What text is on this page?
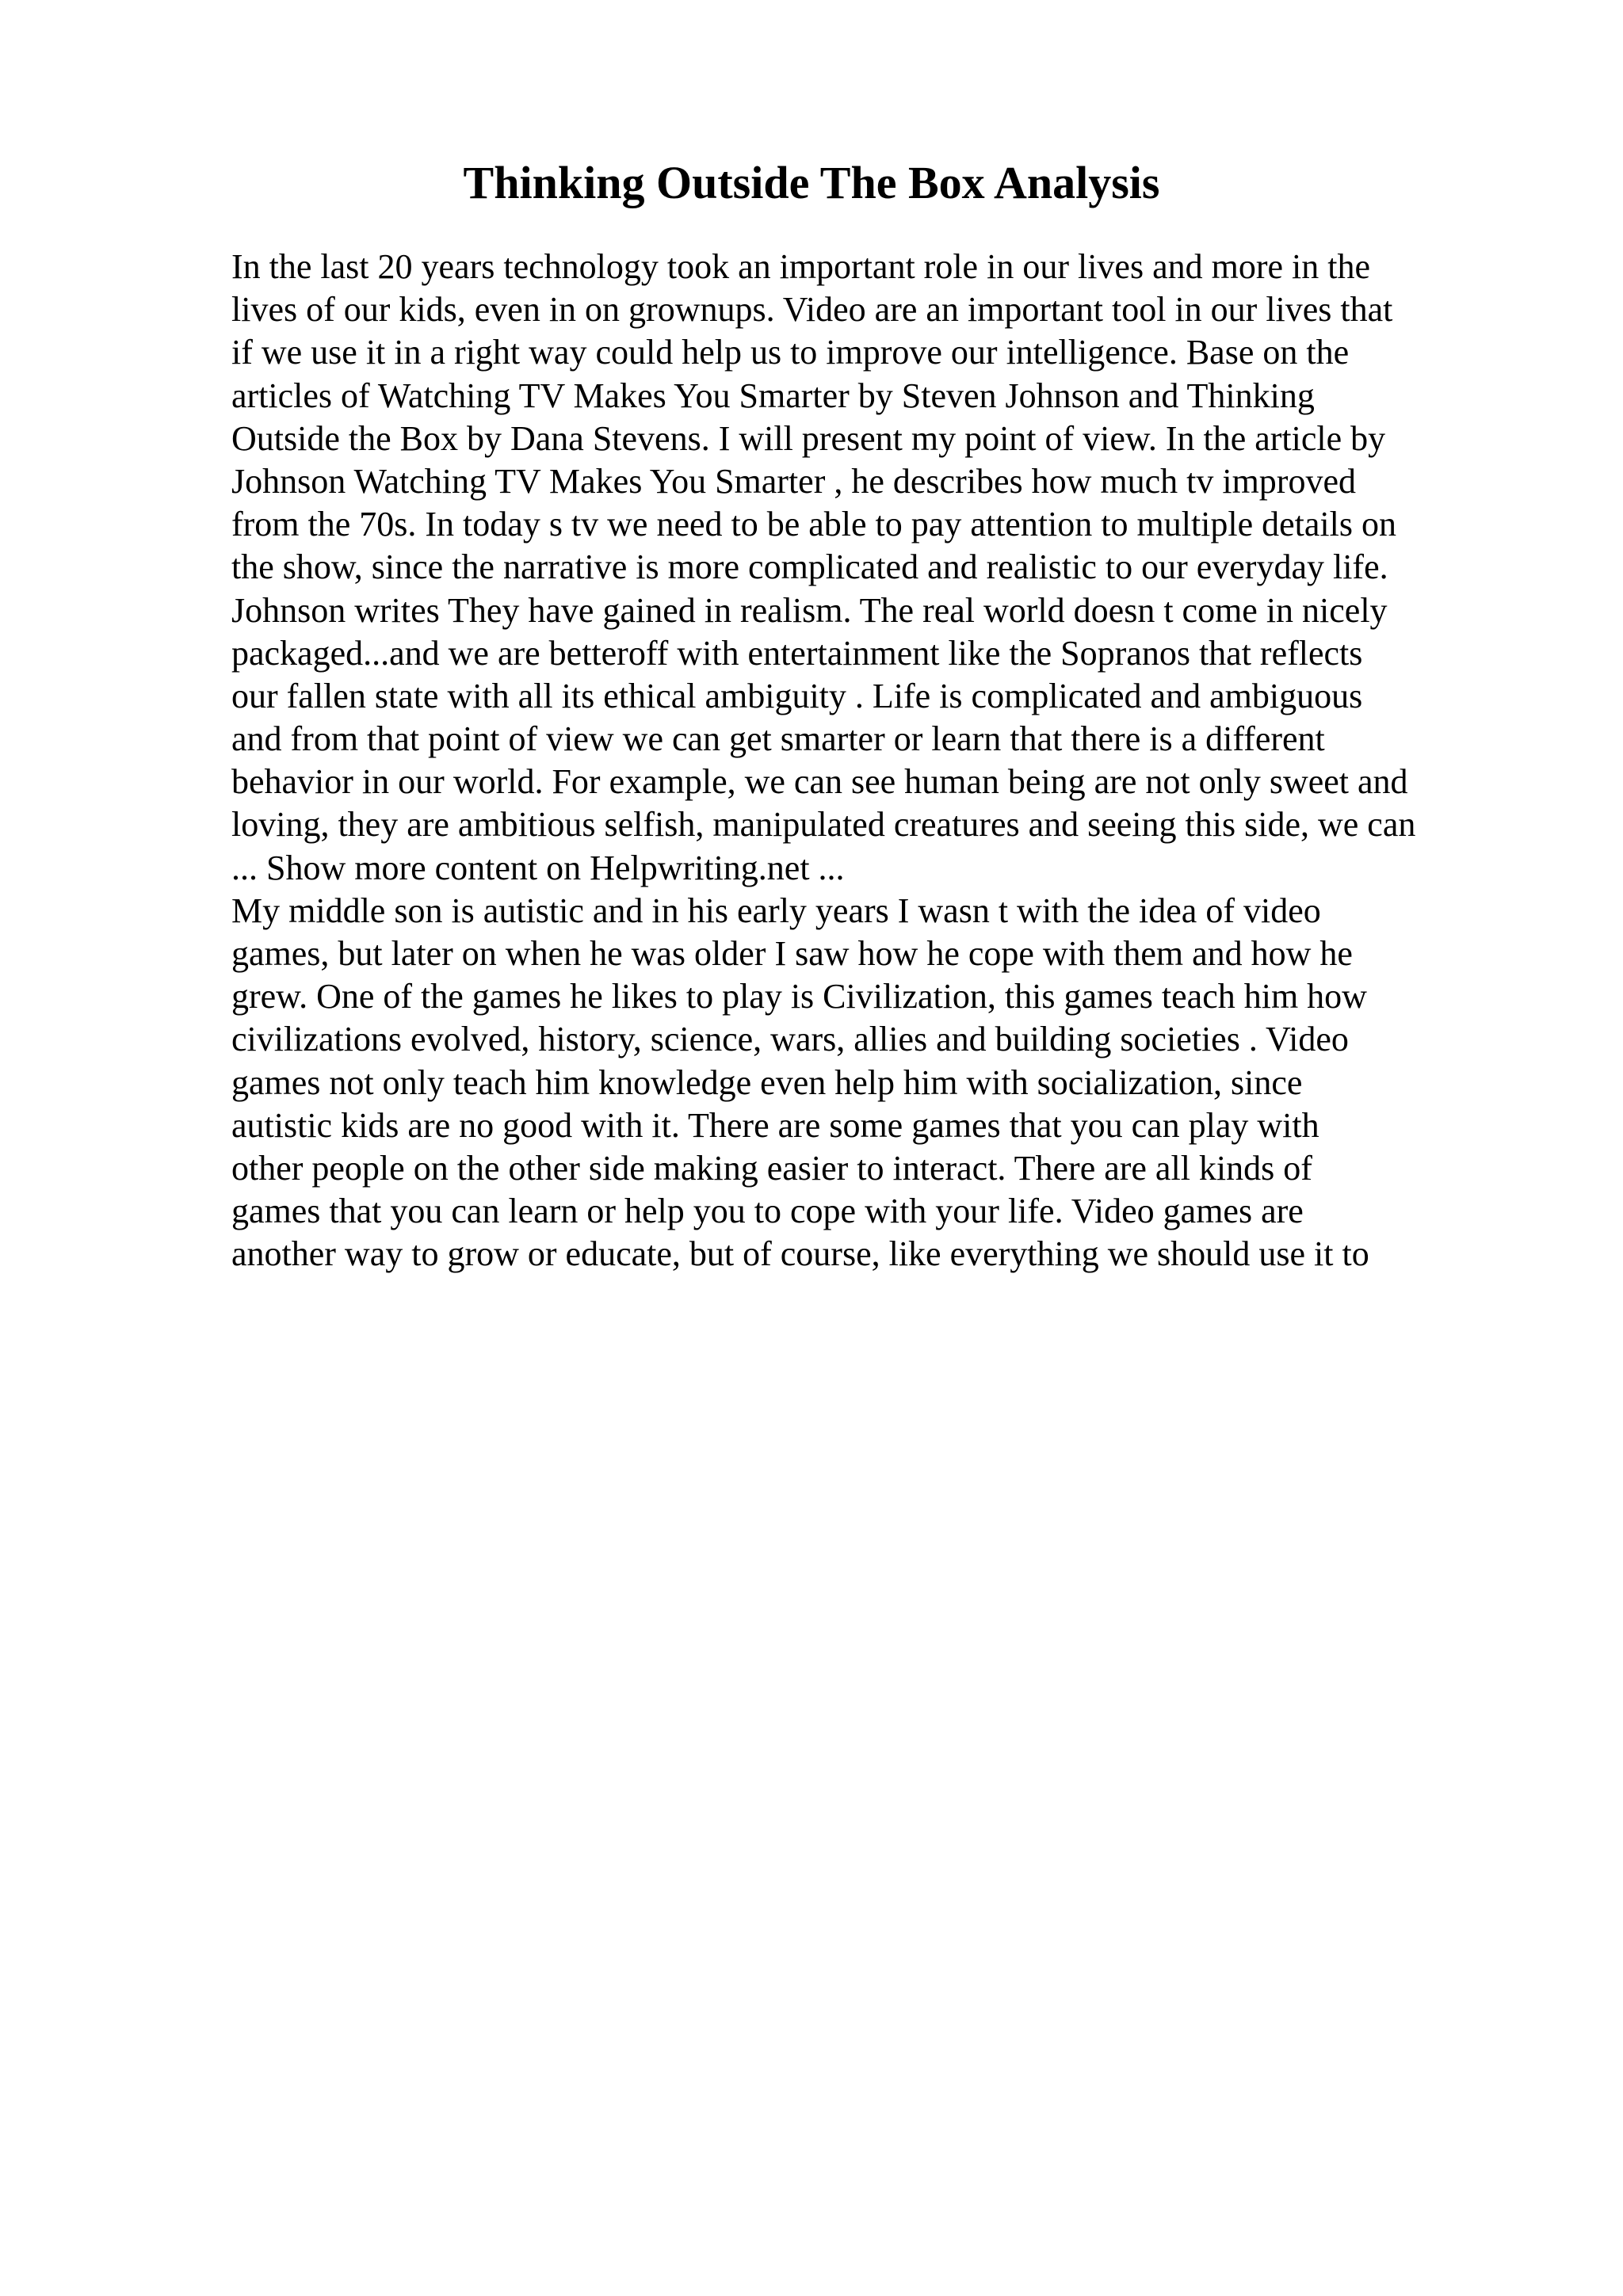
Thinking Outside The Box Analysis
In the last 20 years technology took an important role in our lives and more in the
lives of our kids, even in on grownups. Video are an important tool in our lives that
if we use it in a right way could help us to improve our intelligence. Base on the
articles of Watching TV Makes You Smarter by Steven Johnson and Thinking
Outside the Box by Dana Stevens. I will present my point of view. In the article by
Johnson Watching TV Makes You Smarter , he describes how much tv improved
from the 70s. In today s tv we need to be able to pay attention to multiple details on
the show, since the narrative is more complicated and realistic to our everyday life.
Johnson writes They have gained in realism. The real world doesn t come in nicely
packaged...and we are betteroff with entertainment like the Sopranos that reflects
our fallen state with all its ethical ambiguity . Life is complicated and ambiguous
and from that point of view we can get smarter or learn that there is a different
behavior in our world. For example, we can see human being are not only sweet and
loving, they are ambitious selfish, manipulated creatures and seeing this side, we can
... Show more content on Helpwriting.net ...
My middle son is autistic and in his early years I wasn t with the idea of video
games, but later on when he was older I saw how he cope with them and how he
grew. One of the games he likes to play is Civilization, this games teach him how
civilizations evolved, history, science, wars, allies and building societies . Video
games not only teach him knowledge even help him with socialization, since
autistic kids are no good with it. There are some games that you can play with
other people on the other side making easier to interact. There are all kinds of
games that you can learn or help you to cope with your life. Video games are
another way to grow or educate, but of course, like everything we should use it to
